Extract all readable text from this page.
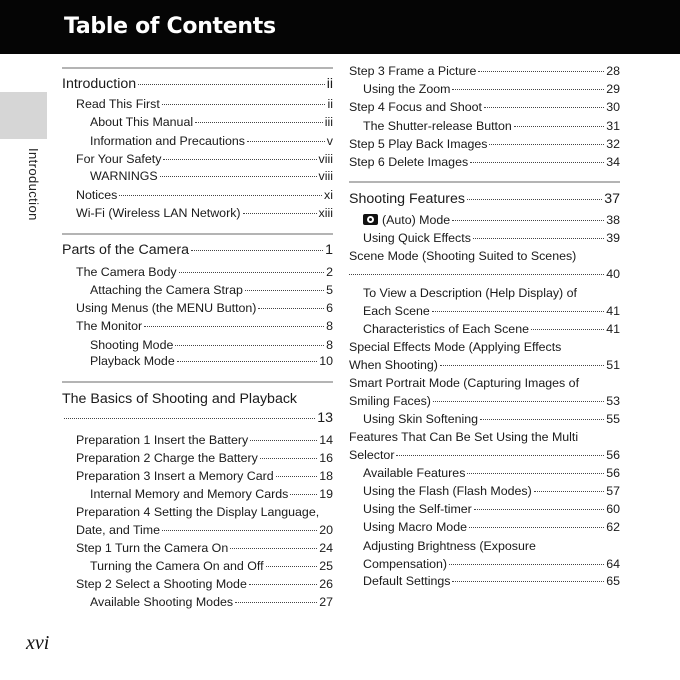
Table of Contents
Introduction
xvi
Introduction	ii
Read This First	ii
About This Manual	iii
Information and Precautions	v
For Your Safety	viii
WARNINGS	viii
Notices	xi
Wi-Fi (Wireless LAN Network)	xiii
Parts of the Camera	1
The Camera Body	2
Attaching the Camera Strap	5
Using Menus (the MENU Button)	6
The Monitor	8
Shooting Mode	8
Playback Mode	10
The Basics of Shooting and Playback
13
Preparation 1 Insert the Battery	14
Preparation 2 Charge the Battery	16
Preparation 3 Insert a Memory Card	18
Internal Memory and Memory Cards 19
Preparation 4 Setting the Display Language,
Date, and Time	20
Step 1 Turn the Camera On	24
Turning the Camera On and Off	25
Step 2 Select a Shooting Mode	26
Available Shooting Modes	27
Step 3 Frame a Picture	28
Using the Zoom	29
Step 4 Focus and Shoot	30
The Shutter-release Button	31
Step 5 Play Back Images	32
Step 6 Delete Images	34
Shooting Features	37
(Auto) Mode	38
Using Quick Effects	39
Scene Mode (Shooting Suited to Scenes)
40
To View a Description (Help Display) of
Each Scene	41
Characteristics of Each Scene	41
Special Effects Mode (Applying Effects
When Shooting)	51
Smart Portrait Mode (Capturing Images of
Smiling Faces)	53
Using Skin Softening	55
Features That Can Be Set Using the Multi
Selector	56
Available Features	56
Using the Flash (Flash Modes)	57
Using the Self-timer	60
Using Macro Mode	62
Adjusting Brightness (Exposure
Compensation)	64
Default Settings	65
